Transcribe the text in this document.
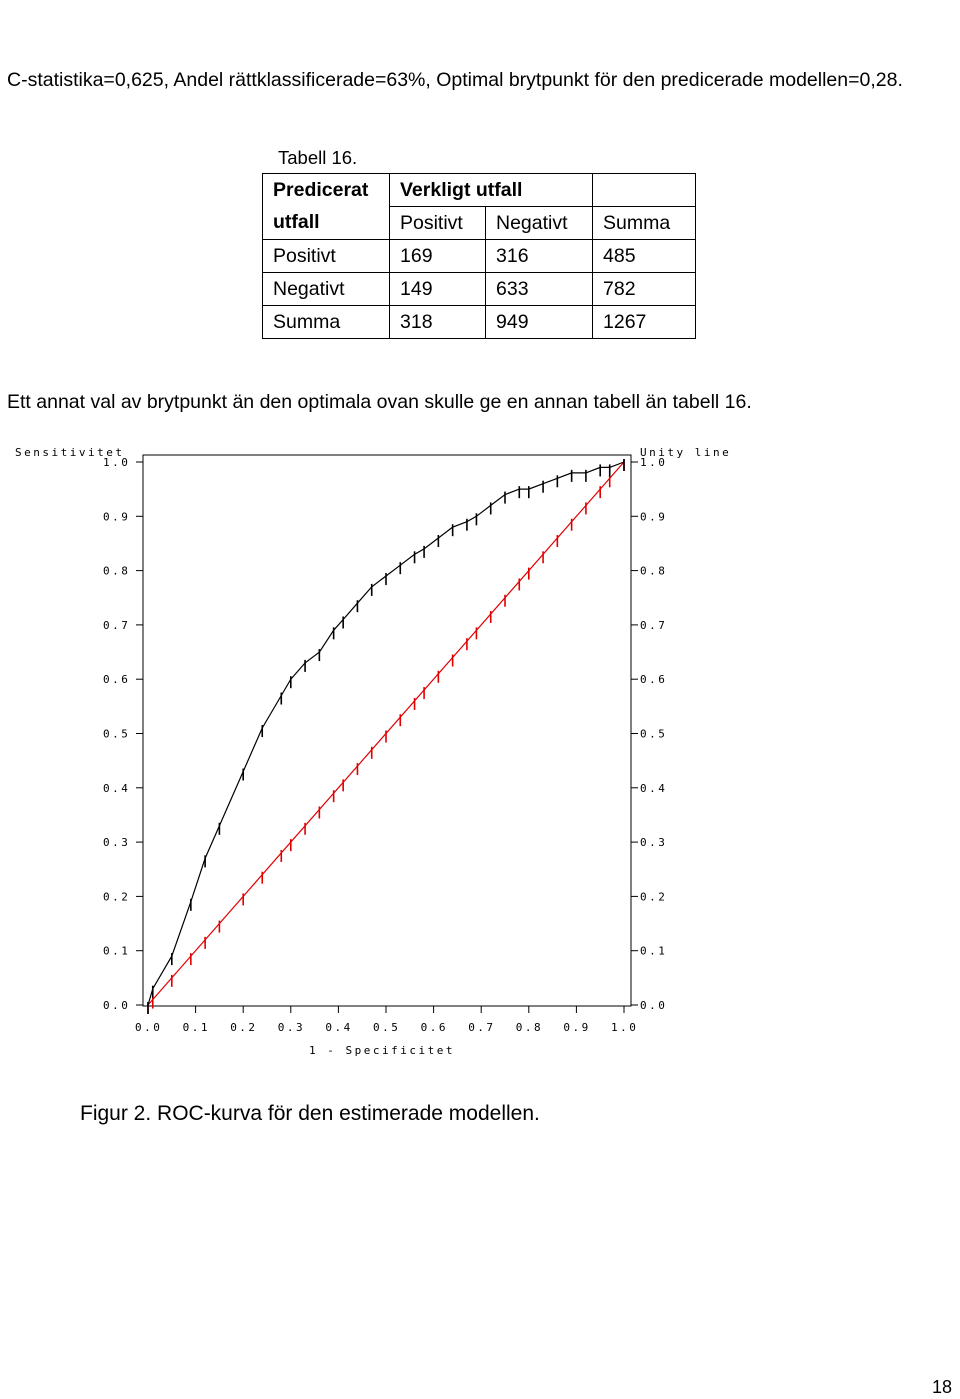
C-statistika=0,625, Andel rättklassificerade=63%, Optimal brytpunkt för den predicerade modellen=0,28.
Tabell 16.
Predicerat	Verkligt utfall		
utfall	Positivt	Negativt	Summa
Positivt	169	316	485
Negativt	149	633	782
Summa	318	949	1267
Ett annat val av brytpunkt än den optimala ovan skulle ge en annan tabell än tabell 16.
Sensitivitet	Unity line
1 - Specificitet
0.0	0.0
0.1	0.1
0.2	0.2
0.3	0.3
0.4	0.4
0.5	0.5
0.6	0.6
0.7	0.7
0.8	0.8
0.9	0.9
1.0	1.0
0.0 0.1 0.2 0.3 0.4 0.5 0.6 0.7 0.8 0.9 1.0
Figur 2. ROC-kurva för den estimerade modellen.
18
